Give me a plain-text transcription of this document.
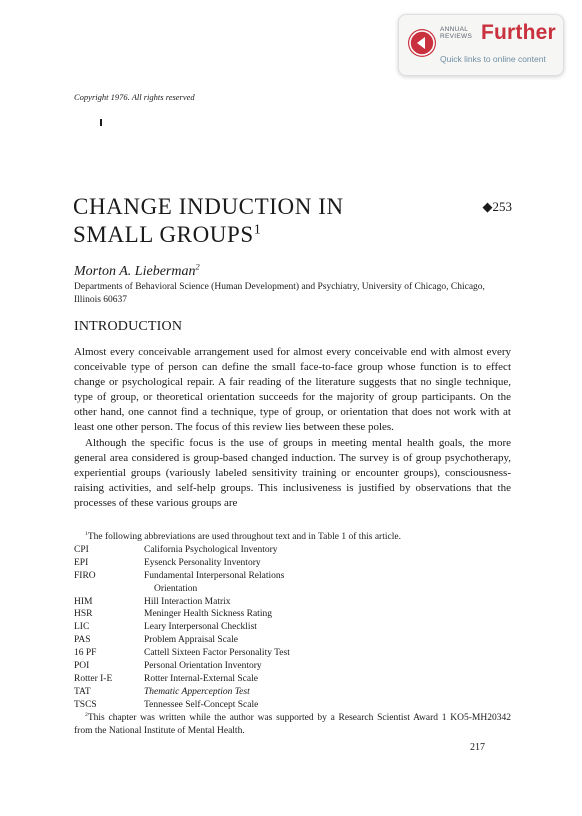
ANNUAL
REVIEWS Further
Quick links to online content
Copyright 1976. All rights reserved
CHANGE INDUCTION IN
SMALL GROUPS$^1$
◆253
Morton A. Lieberman$^2$
Departments of Behavioral Science (Human Development) and Psychiatry, University of Chicago, Chicago, Illinois 60637
INTRODUCTION

Almost every conceivable arrangement used for almost every conceivable end with almost every conceivable type of person can define the small face-to-face group whose function is to effect change or psychological repair. A fair reading of the literature suggests that no single technique, type of group, or theoretical orientation succeeds for the majority of group participants. On the other hand, one cannot find a technique, type of group, or orientation that does not work with at least one other person. The focus of this review lies between these poles.

Although the specific focus is the use of groups in meeting mental health goals, the more general area considered is group-based changed induction. The survey is of group psychotherapy, experiential groups (variously labeled sensitivity training or encounter groups), consciousness-raising activities, and self-help groups. This inclusiveness is justified by observations that the processes of these various groups are

$^1$The following abbreviations are used throughout text and in Table 1 of this article.
CPI	California Psychological Inventory
EPI	Eysenck Personality Inventory
FIRO	Fundamental Interpersonal Relations
Orientation
HIM	Hill Interaction Matrix
HSR	Meninger Health Sickness Rating
LIC	Leary Interpersonal Checklist
PAS	Problem Appraisal Scale
16 PF	Cattell Sixteen Factor Personality Test
POI	Personal Orientation Inventory
Rotter I-E	Rotter Internal-External Scale
TAT	Thematic Apperception Test
TSCS	Tennessee Self-Concept Scale
$^2$This chapter was written while the author was supported by a Research Scientist Award 1 KO5-MH20342 from the National Institute of Mental Health.
217
